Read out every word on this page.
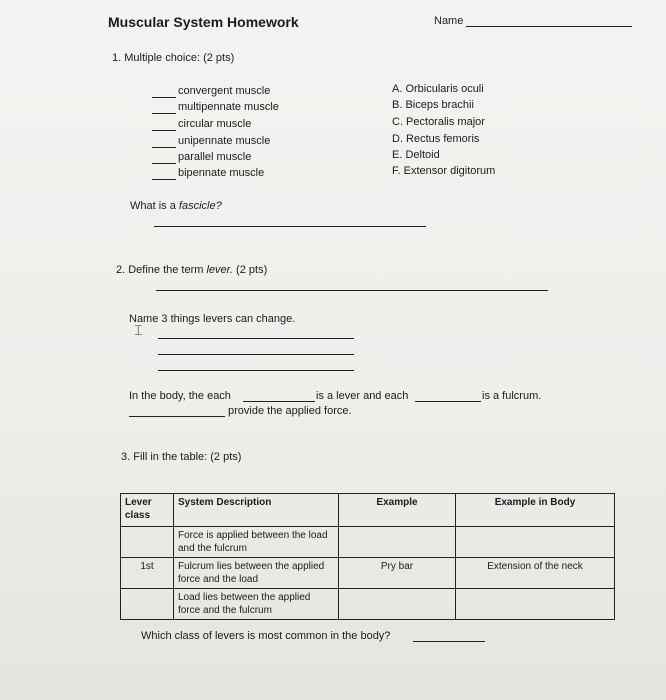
Muscular System Homework	Name
1. Multiple choice: (2 pts)
convergent muscle
multipennate muscle
circular muscle
unipennate muscle
parallel muscle
bipennate muscle
A. Orbicularis oculi
B. Biceps brachii
C. Pectoralis major
D. Rectus femoris
E. Deltoid
F. Extensor digitorum
What is a fascicle?
2. Define the term lever. (2 pts)
Name 3 things levers can change.
⌶
In the body, the each	is a lever and each	is a fulcrum.
provide the applied force.
3. Fill in the table: (2 pts)
Lever class	System Description	Example	Example in Body
	Force is applied between the load and the fulcrum		
1st	Fulcrum lies between the applied force and the load	Pry bar	Extension of the neck
	Load lies between the applied force and the fulcrum		
Which class of levers is most common in the body?
